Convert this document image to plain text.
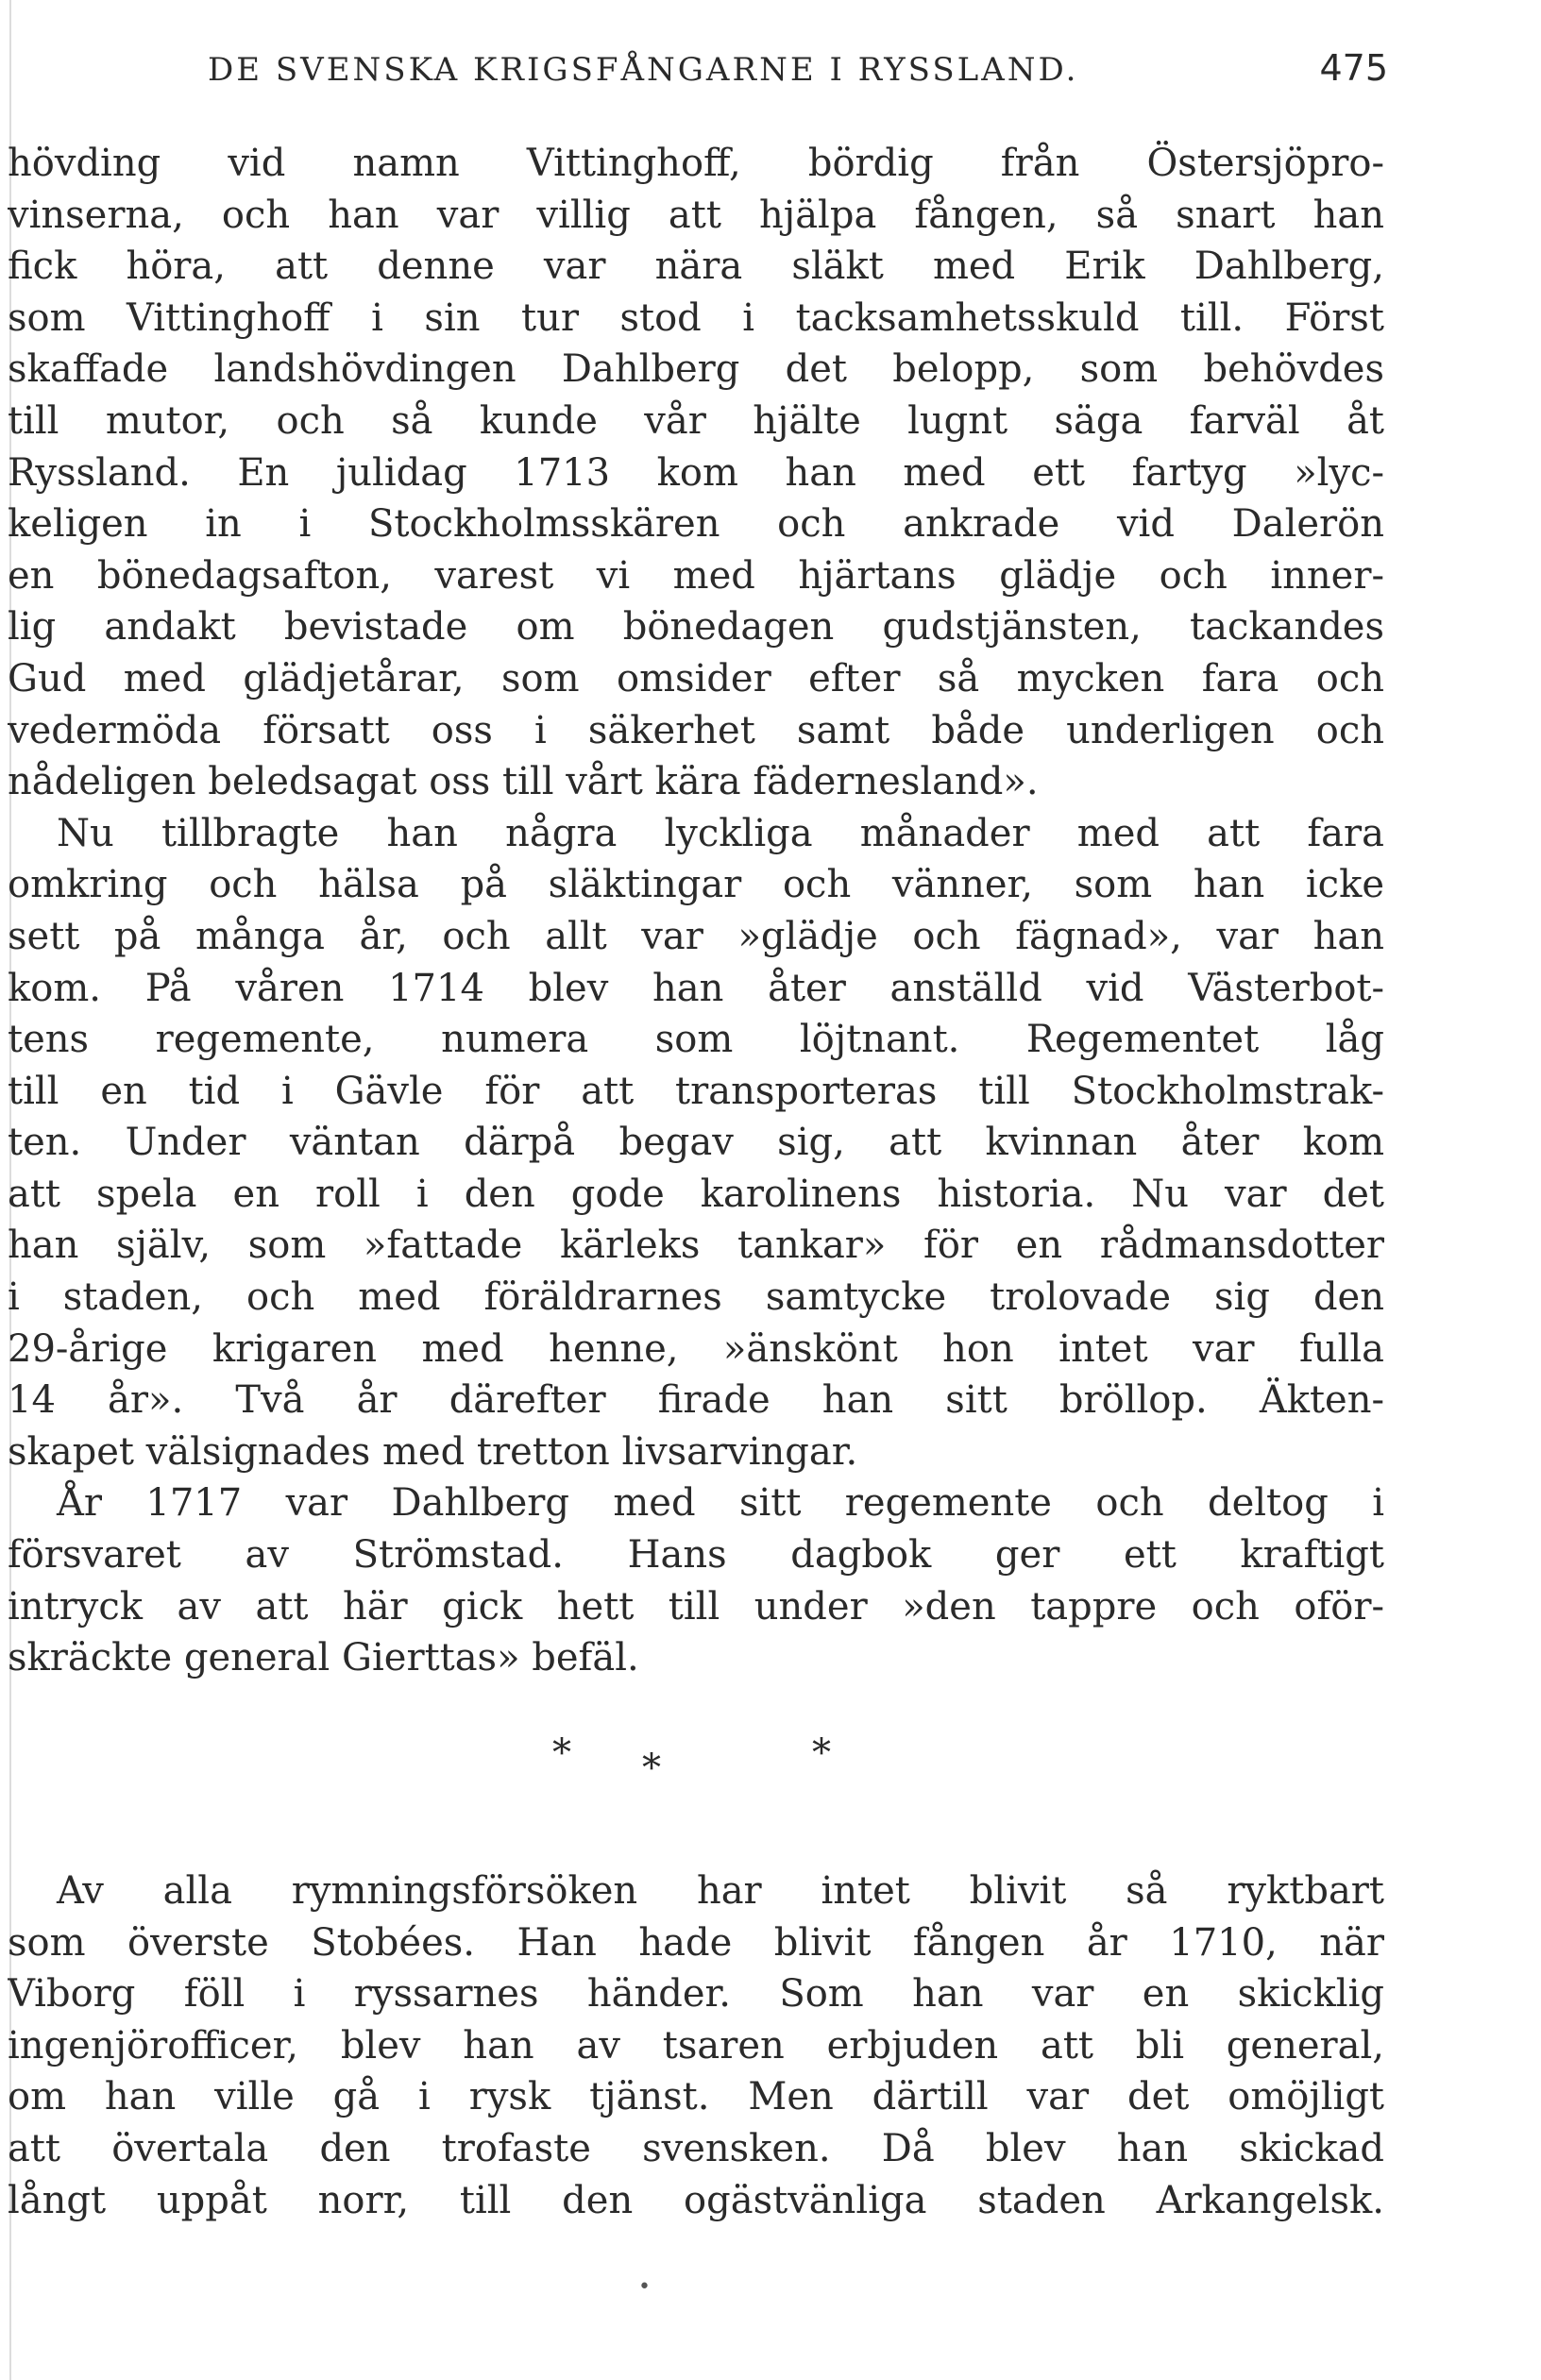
DE SVENSKA KRIGSFÅNGARNE I RYSSLAND.	475
hövding vid namn Vittinghoff, bördig från Östersjöpro-
vinserna, och han var villig att hjälpa fången, så snart han
fick höra, att denne var nära släkt med Erik Dahlberg,
som Vittinghoff i sin tur stod i tacksamhetsskuld till. Först
skaffade landshövdingen Dahlberg det belopp, som behövdes
till mutor, och så kunde vår hjälte lugnt säga farväl åt
Ryssland. En julidag 1713 kom han med ett fartyg »lyc-
keligen in i Stockholmsskären och ankrade vid Dalerön
en bönedagsafton, varest vi med hjärtans glädje och inner-
lig andakt bevistade om bönedagen gudstjänsten, tackandes
Gud med glädjetårar, som omsider efter så mycken fara och
vedermöda försatt oss i säkerhet samt både underligen och
nådeligen beledsagat oss till vårt kära fädernesland».
Nu tillbragte han några lyckliga månader med att fara
omkring och hälsa på släktingar och vänner, som han icke
sett på många år, och allt var »glädje och fägnad», var han
kom. På våren 1714 blev han åter anställd vid Västerbot-
tens regemente, numera som löjtnant. Regementet låg
till en tid i Gävle för att transporteras till Stockholmstrak-
ten. Under väntan därpå begav sig, att kvinnan åter kom
att spela en roll i den gode karolinens historia. Nu var det
han själv, som »fattade kärleks tankar» för en rådmansdotter
i staden, och med föräldrarnes samtycke trolovade sig den
29-årige krigaren med henne, »änskönt hon intet var fulla
14 år». Två år därefter firade han sitt bröllop. Äkten-
skapet välsignades med tretton livsarvingar.
År 1717 var Dahlberg med sitt regemente och deltog i
försvaret av Strömstad. Hans dagbok ger ett kraftigt
intryck av att här gick hett till under »den tappre och oför-
skräckte general Gierttas» befäl.
* *	*
Av alla rymningsförsöken har intet blivit så ryktbart
som överste Stobées. Han hade blivit fången år 1710, när
Viborg föll i ryssarnes händer. Som han var en skicklig
ingenjörofficer, blev han av tsaren erbjuden att bli general,
om han ville gå i rysk tjänst. Men därtill var det omöjligt
att övertala den trofaste svensken. Då blev han skickad
långt uppåt norr, till den ogästvänliga staden Arkangelsk.
•
